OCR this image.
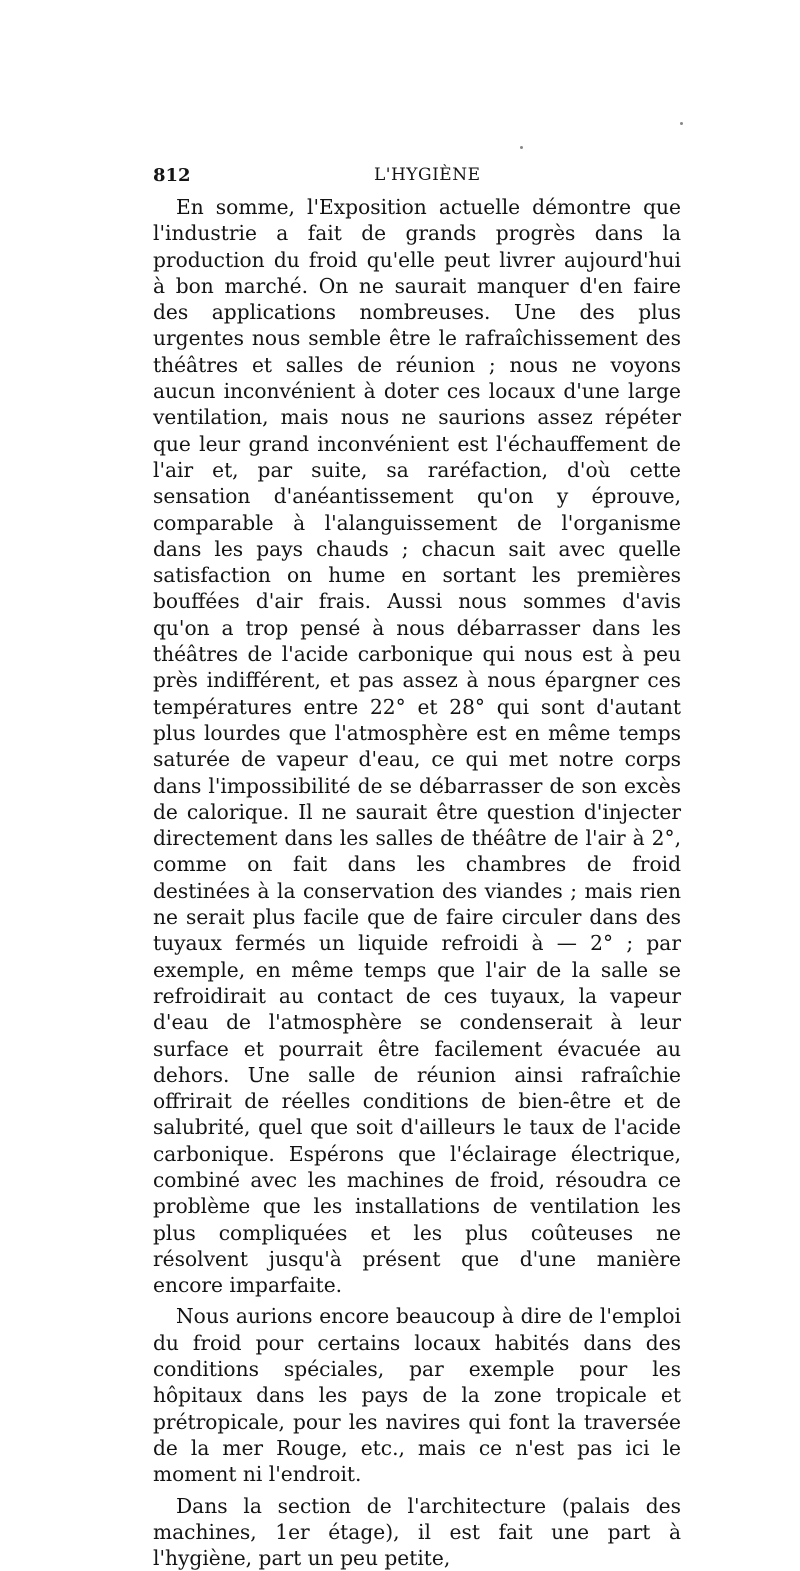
812	L'HYGIÈNE

En somme, l'Exposition actuelle démontre que l'industrie a fait de grands progrès dans la production du froid qu'elle peut livrer aujourd'hui à bon marché. On ne saurait manquer d'en faire des applications nombreuses. Une des plus urgentes nous semble être le rafraîchissement des théâtres et salles de réunion ; nous ne voyons aucun inconvénient à doter ces locaux d'une large ventilation, mais nous ne saurions assez répéter que leur grand inconvénient est l'échauffement de l'air et, par suite, sa raréfaction, d'où cette sensation d'anéantissement qu'on y éprouve, comparable à l'alanguissement de l'organisme dans les pays chauds ; chacun sait avec quelle satisfaction on hume en sortant les premières bouffées d'air frais. Aussi nous sommes d'avis qu'on a trop pensé à nous débarrasser dans les théâtres de l'acide carbonique qui nous est à peu près indifférent, et pas assez à nous épargner ces températures entre 22° et 28° qui sont d'autant plus lourdes que l'atmosphère est en même temps saturée de vapeur d'eau, ce qui met notre corps dans l'impossibilité de se débarrasser de son excès de calorique. Il ne saurait être question d'injecter directement dans les salles de théâtre de l'air à 2°, comme on fait dans les chambres de froid destinées à la conservation des viandes ; mais rien ne serait plus facile que de faire circuler dans des tuyaux fermés un liquide refroidi à — 2° ; par exemple, en même temps que l'air de la salle se refroidirait au contact de ces tuyaux, la vapeur d'eau de l'atmosphère se condenserait à leur surface et pourrait être facilement évacuée au dehors. Une salle de réunion ainsi rafraîchie offrirait de réelles conditions de bien-être et de salubrité, quel que soit d'ailleurs le taux de l'acide carbonique. Espérons que l'éclairage électrique, combiné avec les machines de froid, résoudra ce problème que les installations de ventilation les plus compliquées et les plus coûteuses ne résolvent jusqu'à présent que d'une manière encore imparfaite.

Nous aurions encore beaucoup à dire de l'emploi du froid pour certains locaux habités dans des conditions spéciales, par exemple pour les hôpitaux dans les pays de la zone tropicale et prétropicale, pour les navires qui font la traversée de la mer Rouge, etc., mais ce n'est pas ici le moment ni l'endroit.

Dans la section de l'architecture (palais des machines, 1er étage), il est fait une part à l'hygiène, part un peu petite,
